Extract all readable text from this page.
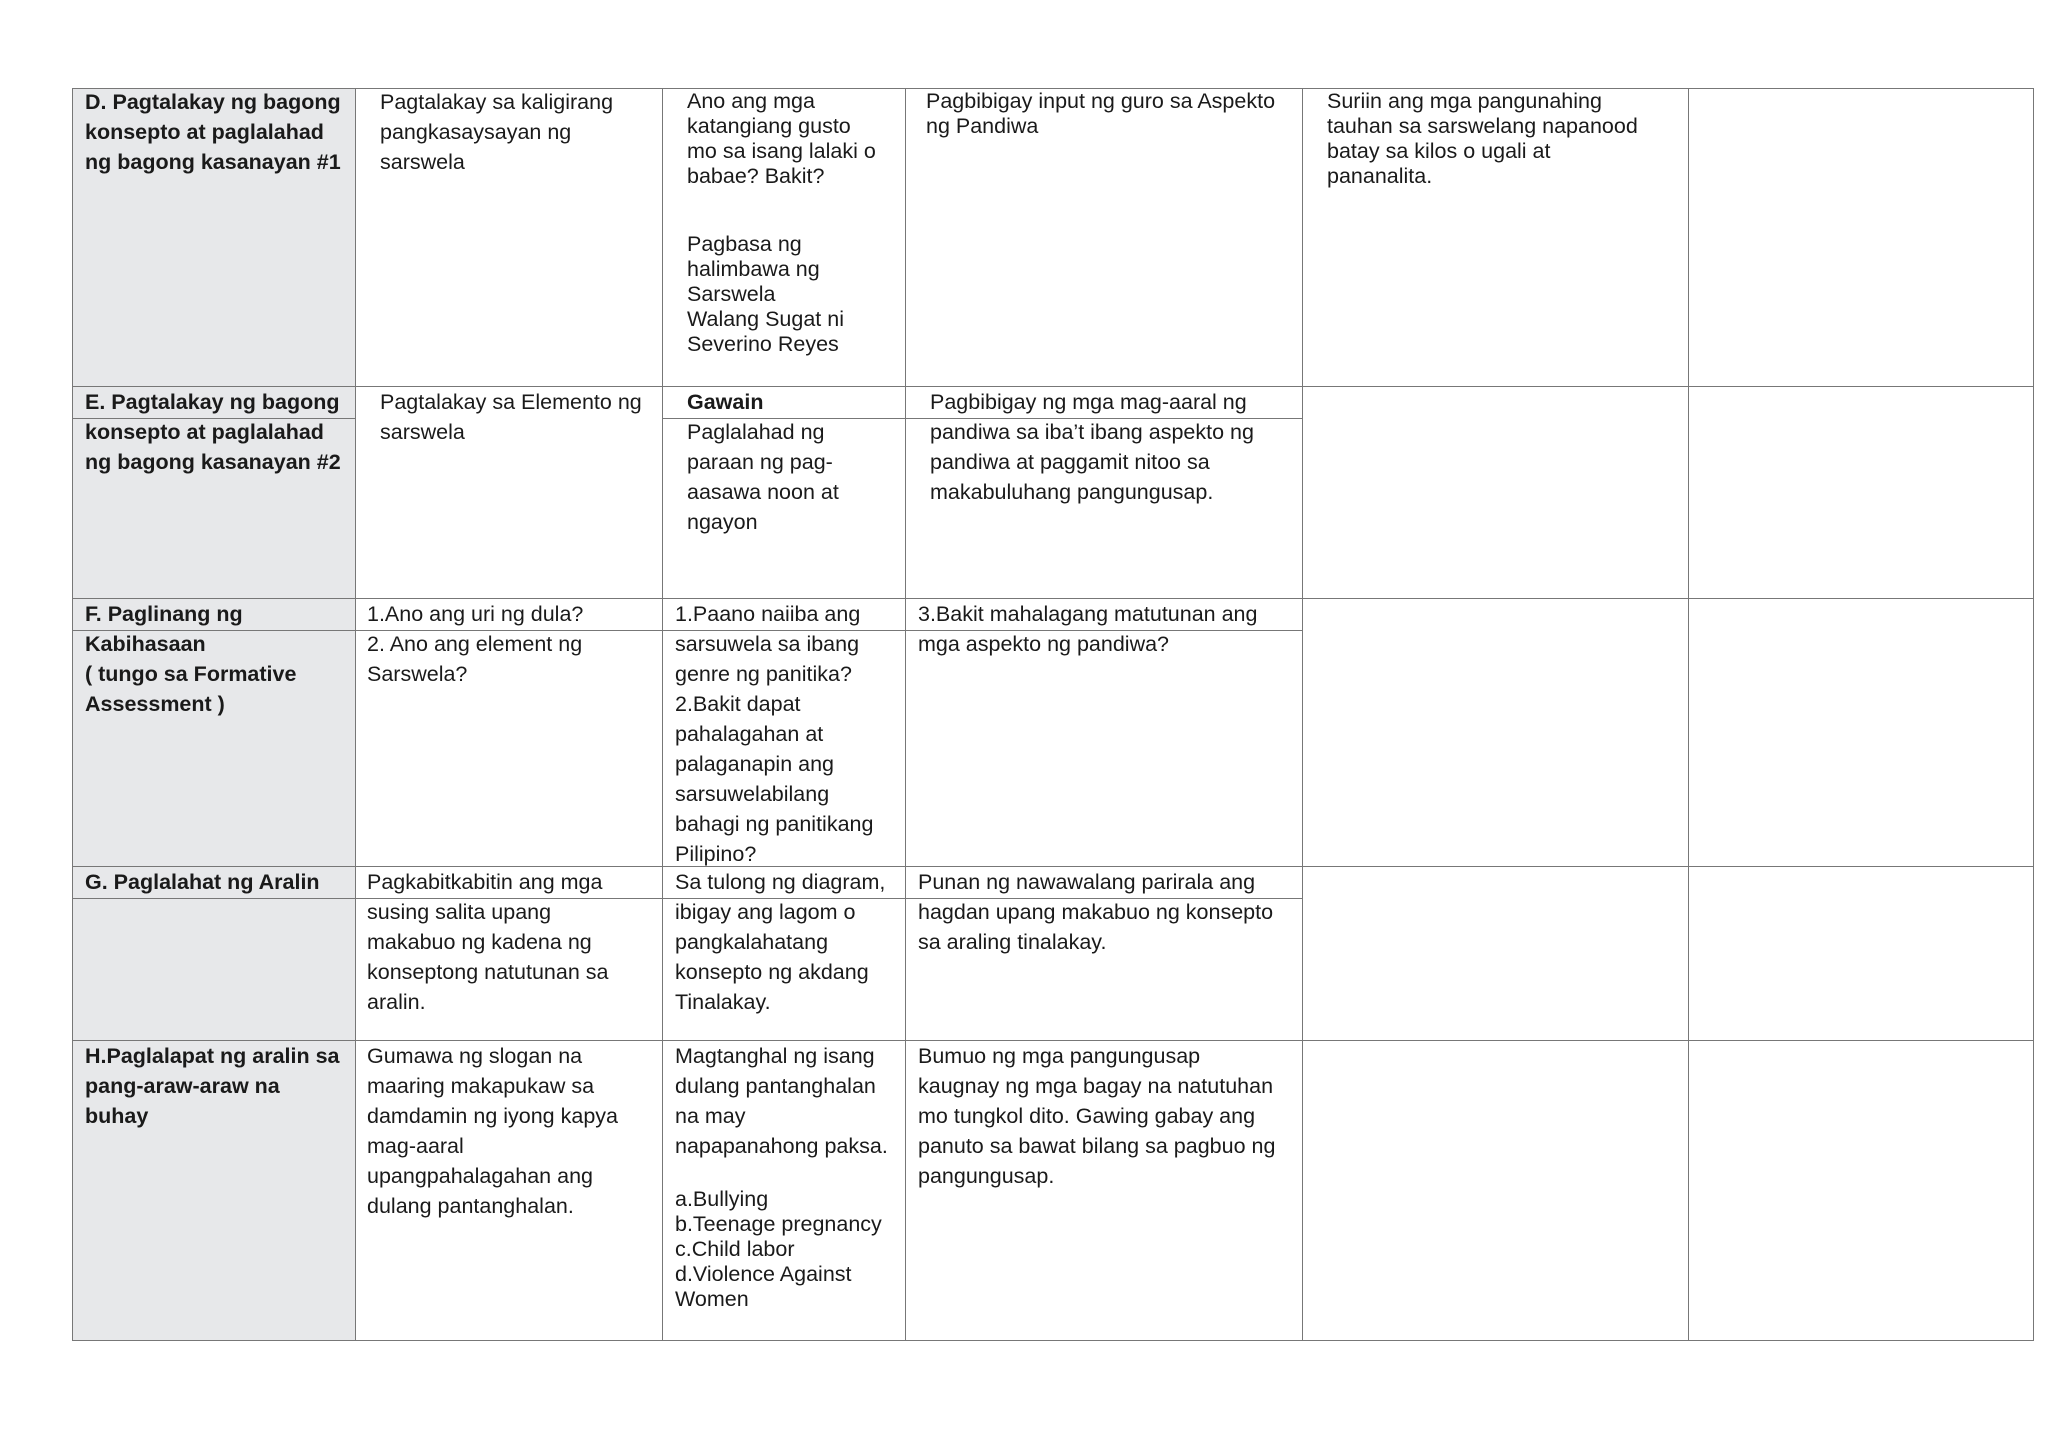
D. Pagtalakay ng bagong
konsepto at paglalahad
ng bagong kasanayan #1
Pagtalakay sa kaligirang
pangkasaysayan ng
sarswela
Ano ang mga
katangiang gusto
mo sa isang lalaki o
babae? Bakit?
Pagbasa ng
halimbawa ng
Sarswela
Walang Sugat ni
Severino Reyes
Pagbibigay input ng guro sa Aspekto
ng Pandiwa
Suriin ang mga pangunahing
tauhan sa sarswelang napanood
batay sa kilos o ugali at
pananalita.
E. Pagtalakay ng bagong
konsepto at paglalahad
ng bagong kasanayan #2
Pagtalakay sa Elemento ng
sarswela
Gawain
Paglalahad ng
paraan ng pag-
aasawa noon at
ngayon
Pagbibigay ng mga mag-aaral ng
pandiwa sa iba’t ibang aspekto ng
pandiwa at paggamit nitoo sa
makabuluhang pangungusap.
F. Paglinang ng
Kabihasaan
( tungo sa Formative
Assessment )
1.Ano ang uri ng dula?
2. Ano ang element ng
Sarswela?
1.Paano naiiba ang
sarsuwela sa ibang
genre ng panitika?
2.Bakit dapat
pahalagahan at
palaganapin ang
sarsuwelabilang
bahagi ng panitikang
Pilipino?
3.Bakit mahalagang matutunan ang
mga aspekto ng pandiwa?
G. Paglalahat ng Aralin	Pagkabitkabitin ang mga
susing salita upang
makabuo ng kadena ng
konseptong natutunan sa
aralin.
Sa tulong ng diagram,
ibigay ang lagom o
pangkalahatang
konsepto ng akdang
Tinalakay.
Punan ng nawawalang parirala ang
hagdan upang makabuo ng konsepto
sa araling tinalakay.
H.Paglalapat ng aralin sa
pang-araw-araw na
buhay
Gumawa ng slogan na
maaring makapukaw sa
damdamin ng iyong kapya
mag-aaral
upangpahalagahan ang
dulang pantanghalan.
Magtanghal ng isang
dulang pantanghalan
na may
napapanahong paksa.
a.Bullying
b.Teenage pregnancy
c.Child labor
d.Violence Against
Women
Bumuo ng mga pangungusap
kaugnay ng mga bagay na natutuhan
mo tungkol dito. Gawing gabay ang
panuto sa bawat bilang sa pagbuo ng
pangungusap.
